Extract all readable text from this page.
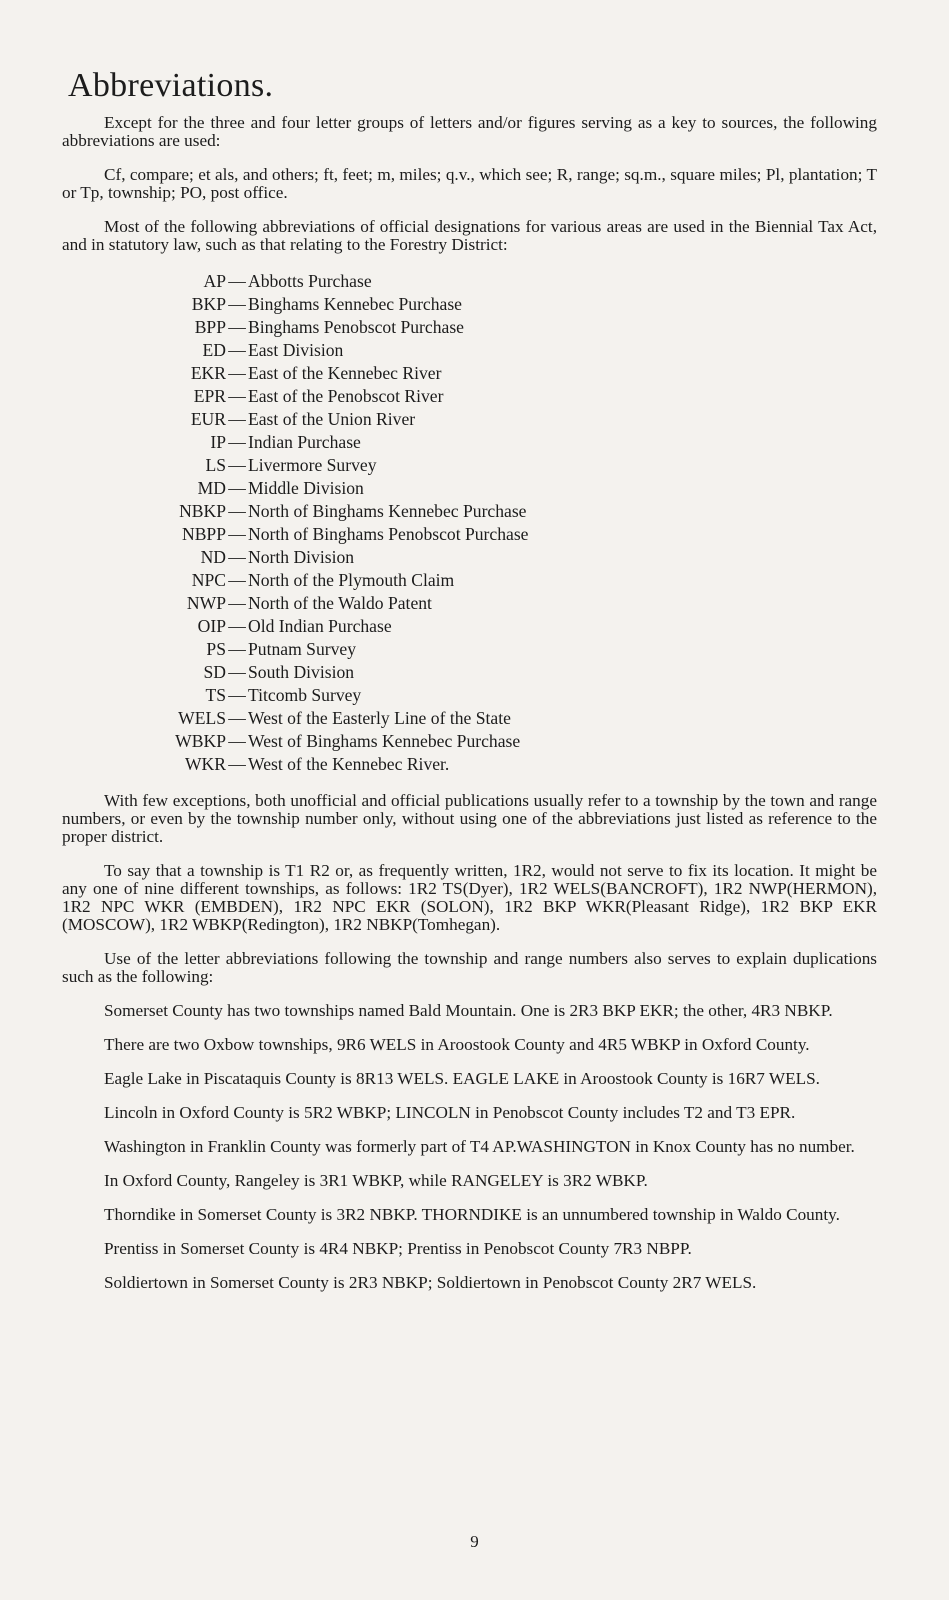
Abbreviations.

Except for the three and four letter groups of letters and/or figures serving as a key to sources, the following abbreviations are used:

Cf, compare; et als, and others; ft, feet; m, miles; q.v., which see; R, range; sq.m., square miles; Pl, plantation; T or Tp, township; PO, post office.

Most of the following abbreviations of official designations for various areas are used in the Biennial Tax Act, and in statutory law, such as that relating to the Forestry District:

AP — Abbotts Purchase
BKP — Binghams Kennebec Purchase
BPP — Binghams Penobscot Purchase
ED — East Division
EKR — East of the Kennebec River
EPR — East of the Penobscot River
EUR — East of the Union River
IP — Indian Purchase
LS — Livermore Survey
MD — Middle Division
NBKP — North of Binghams Kennebec Purchase
NBPP — North of Binghams Penobscot Purchase
ND — North Division
NPC — North of the Plymouth Claim
NWP — North of the Waldo Patent
OIP — Old Indian Purchase
PS — Putnam Survey
SD — South Division
TS — Titcomb Survey
WELS — West of the Easterly Line of the State
WBKP — West of Binghams Kennebec Purchase
WKR — West of the Kennebec River.

With few exceptions, both unofficial and official publications usually refer to a township by the town and range numbers, or even by the township number only, without using one of the abbreviations just listed as reference to the proper district.

To say that a township is T1 R2 or, as frequently written, 1R2, would not serve to fix its location. It might be any one of nine different townships, as follows: 1R2 TS(Dyer), 1R2 WELS(BANCROFT), 1R2 NWP(HERMON), 1R2 NPC WKR (EMBDEN), 1R2 NPC EKR (SOLON), 1R2 BKP WKR(Pleasant Ridge), 1R2 BKP EKR (MOSCOW), 1R2 WBKP(Redington), 1R2 NBKP(Tomhegan).

Use of the letter abbreviations following the township and range numbers also serves to explain duplications such as the following:

Somerset County has two townships named Bald Mountain. One is 2R3 BKP EKR; the other, 4R3 NBKP.

There are two Oxbow townships, 9R6 WELS in Aroostook County and 4R5 WBKP in Oxford County.

Eagle Lake in Piscataquis County is 8R13 WELS. EAGLE LAKE in Aroostook County is 16R7 WELS.

Lincoln in Oxford County is 5R2 WBKP; LINCOLN in Penobscot County includes T2 and T3 EPR.

Washington in Franklin County was formerly part of T4 AP.WASHINGTON in Knox County has no number.

In Oxford County, Rangeley is 3R1 WBKP, while RANGELEY is 3R2 WBKP.

Thorndike in Somerset County is 3R2 NBKP. THORNDIKE is an unnumbered township in Waldo County.

Prentiss in Somerset County is 4R4 NBKP; Prentiss in Penobscot County 7R3 NBPP.

Soldiertown in Somerset County is 2R3 NBKP; Soldiertown in Penobscot County 2R7 WELS.

9
